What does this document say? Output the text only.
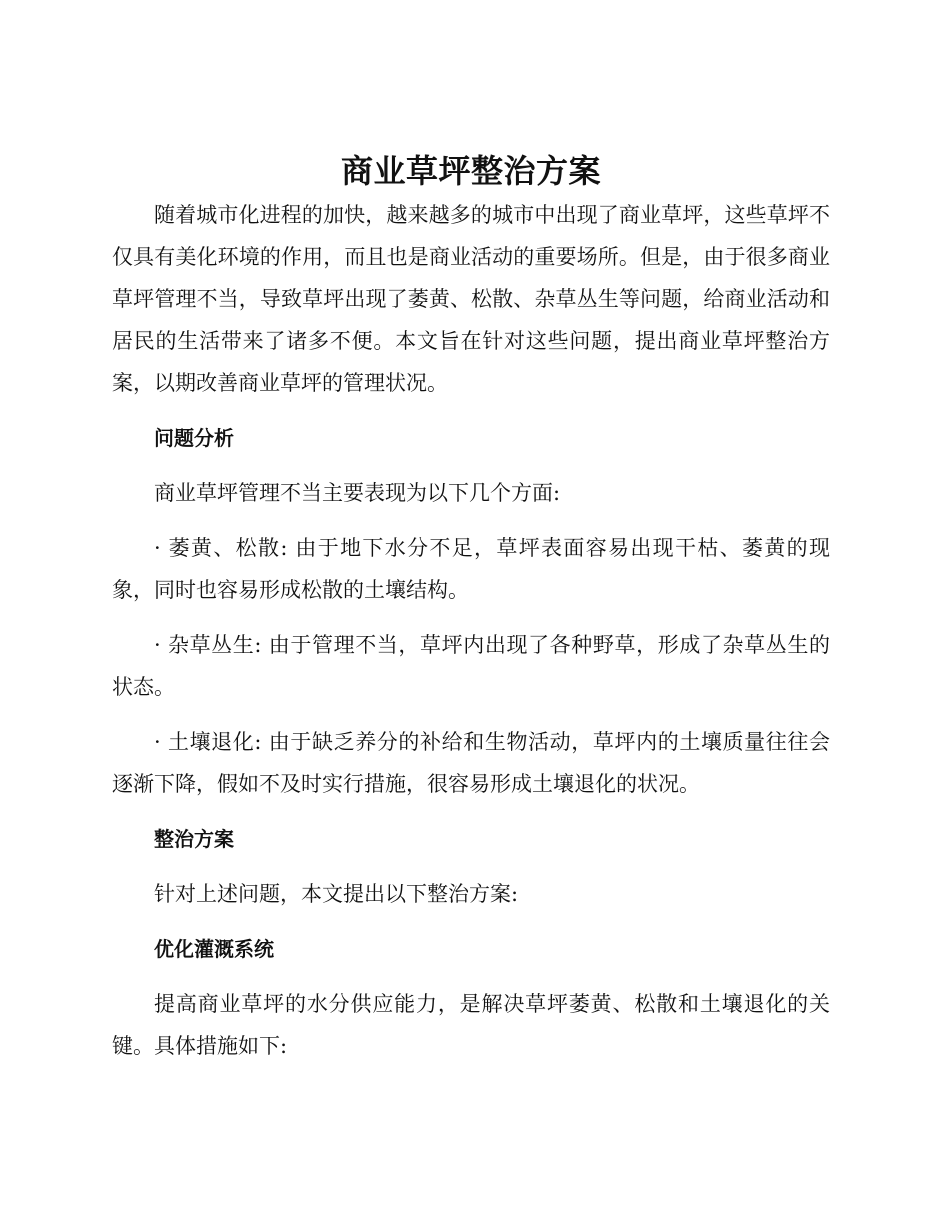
商业草坪整治方案

随着城市化进程的加快，越来越多的城市中出现了商业草坪，这些草坪不仅具有美化环境的作用，而且也是商业活动的重要场所。但是，由于很多商业草坪管理不当，导致草坪出现了萎黄、松散、杂草丛生等问题，给商业活动和居民的生活带来了诸多不便。本文旨在针对这些问题，提出商业草坪整治方案，以期改善商业草坪的管理状况。

问题分析

商业草坪管理不当主要表现为以下几个方面:

· 萎黄、松散: 由于地下水分不足，草坪表面容易出现干枯、萎黄的现象，同时也容易形成松散的土壤结构。

· 杂草丛生: 由于管理不当，草坪内出现了各种野草，形成了杂草丛生的状态。

· 土壤退化: 由于缺乏养分的补给和生物活动，草坪内的土壤质量往往会逐渐下降，假如不及时实行措施，很容易形成土壤退化的状况。

整治方案

针对上述问题，本文提出以下整治方案:

优化灌溉系统

提高商业草坪的水分供应能力，是解决草坪萎黄、松散和土壤退化的关键。具体措施如下:
